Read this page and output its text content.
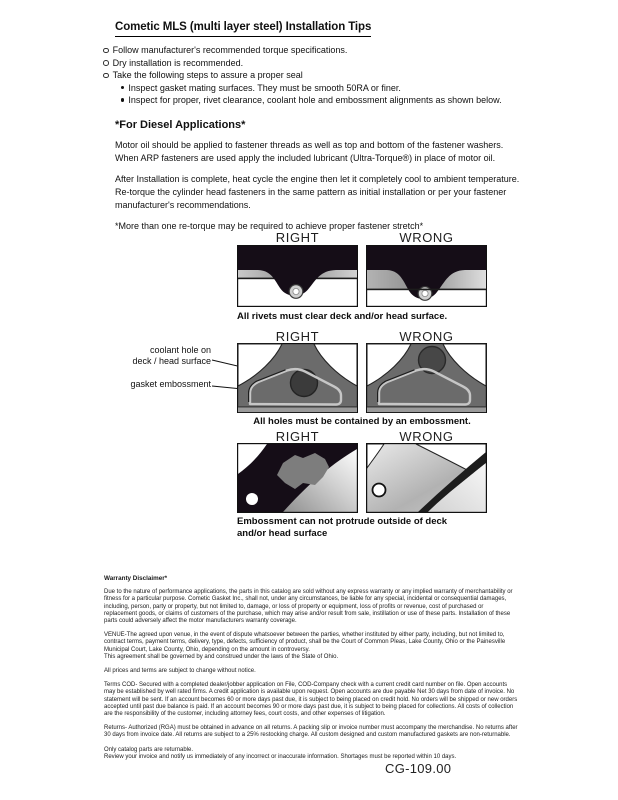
Cometic MLS (multi layer steel) Installation Tips
Follow manufacturer's recommended torque specifications.
Dry installation is recommended.
Take the following steps to assure a proper seal
Inspect gasket mating surfaces. They must be smooth 50RA or finer.
Inspect for proper, rivet clearance, coolant hole and embossment alignments as shown below.
*For Diesel Applications*

Motor oil should be applied to fastener threads as well as top and bottom of the fastener washers. When ARP fasteners are used apply the included lubricant (Ultra-Torque®) in place of motor oil.

After Installation is complete, heat cycle the engine then let it completely cool to ambient temperature. Re-torque the cylinder head fasteners in the same pattern as initial installation or per your fastener manufacturer's recommendations.

*More than one re-torque may be required to achieve proper fastener stretch*

RIGHT	WRONG
All rivets must clear deck and/or head surface.
RIGHT	WRONG
coolant hole on
deck / head surface
gasket embossment
All holes must be contained by an embossment.
RIGHT	WRONG
Embossment can not protrude outside of deck and/or head surface
Warranty Disclaimer*

Due to the nature of performance applications, the parts in this catalog are sold without any express warranty or any implied warranty of merchantability or fitness for a particular purpose. Cometic Gasket Inc., shall not, under any circumstances, be liable for any special, incidental or consequential damages, including, person, party or property, but not limited to, damage, or loss of property or equipment, loss of profits or revenue, cost of purchased or replacement goods, or claims of customers of the purchase, which may arise and/or result from sale, instillation or use of these parts. Installation of these parts could adversely affect the motor manufacturers warranty coverage.

VENUE-The agreed upon venue, in the event of dispute whatsoever between the parties, whether instituted by either party, including, but not limited to, contract terms, payment terms, delivery, type, defects, sufficiency of product, shall be the Court of Common Pleas, Lake County, Ohio or the Painesville Municipal Court, Lake County, Ohio, depending on the amount in controversy.

This agreement shall be governed by and construed under the laws of the State of Ohio.

All prices and terms are subject to change without notice.

Terms COD- Secured with a completed dealer/jobber application on File, COD-Company check with a current credit card number on file. Open accounts may be established by well rated firms. A credit application is available upon request. Open accounts are due payable Net 30 days from date of invoice. No statement will be sent. If an account becomes 60 or more days past due, it is subject to being placed on credit hold. No orders will be shipped or new orders accepted until past due balance is paid. If an account becomes 90 or more days past due, it is subject to being placed for collections. All costs of collection are the responsibility of the customer, including attorney fees, court costs, and other expenses of litigation.

Returns- Authorized (RGA) must be obtained in advance on all returns. A packing slip or invoice number must accompany the merchandise. No returns after 30 days from invoice date. All returns are subject to a 25% restocking charge. All custom designed and custom manufactured gaskets are non-returnable.

Only catalog parts are returnable.

Review your invoice and notify us immediately of any incorrect or inaccurate information. Shortages must be reported within 10 days.

CG-109.00
